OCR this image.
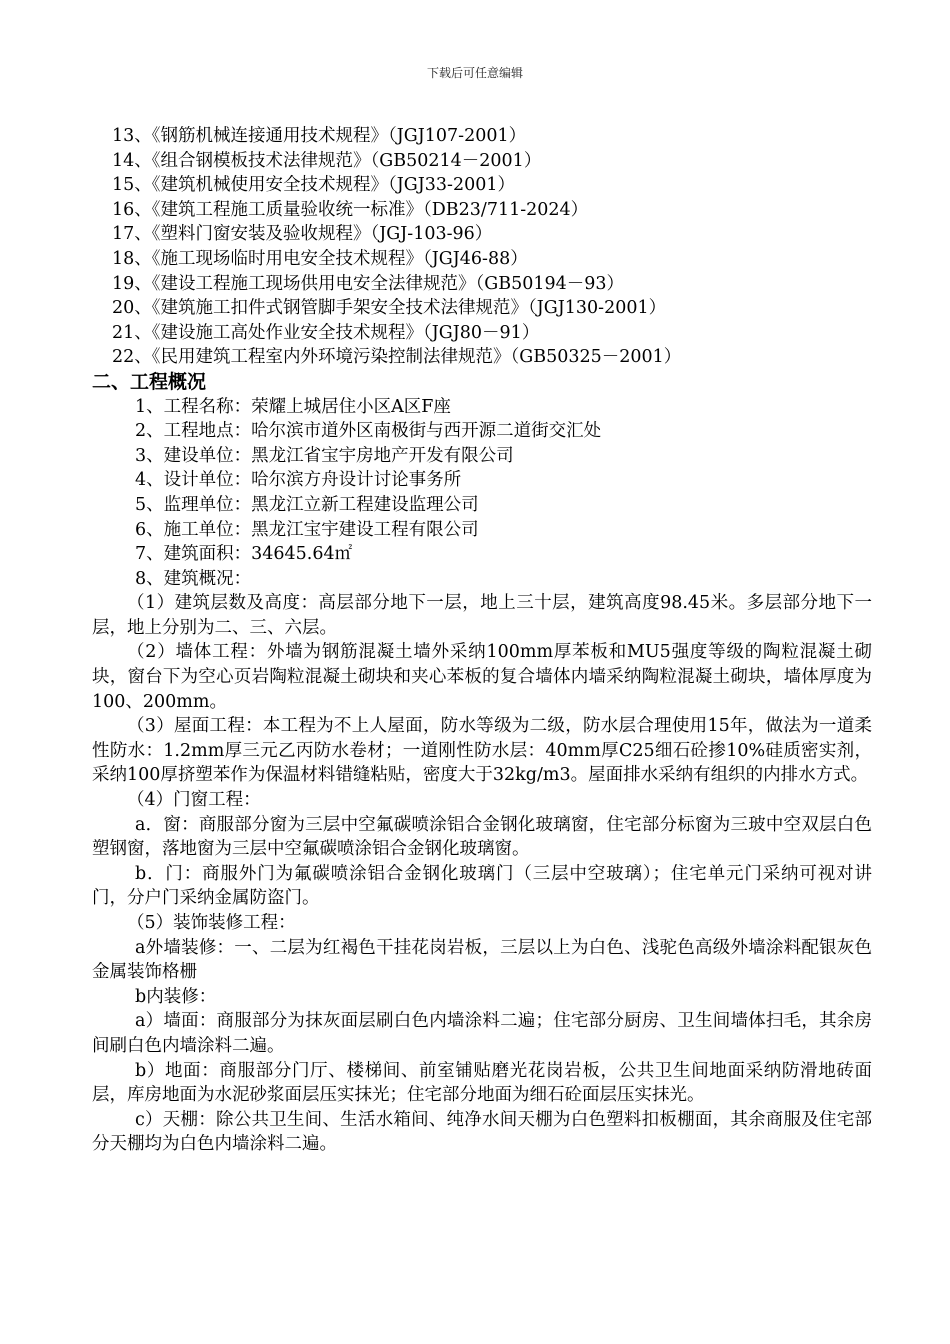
下载后可任意编辑
13、《钢筋机械连接通用技术规程》（JGJ107-2001）
14、《组合钢模板技术法律规范》（GB50214－2001）
15、《建筑机械使用安全技术规程》（JGJ33-2001）
16、《建筑工程施工质量验收统一标准》（DB23/711-2024）
17、《塑料门窗安装及验收规程》（JGJ-103-96）
18、《施工现场临时用电安全技术规程》（JGJ46-88）
19、《建设工程施工现场供用电安全法律规范》（GB50194－93）
20、《建筑施工扣件式钢管脚手架安全技术法律规范》（JGJ130-2001）
21、《建设施工高处作业安全技术规程》（JGJ80－91）
22、《民用建筑工程室内外环境污染控制法律规范》（GB50325－2001）
二、工程概况
1、工程名称：荣耀上城居住小区A区F座
2、工程地点：哈尔滨市道外区南极街与西开源二道街交汇处
3、建设单位：黑龙江省宝宇房地产开发有限公司
4、设计单位：哈尔滨方舟设计讨论事务所
5、监理单位：黑龙江立新工程建设监理公司
6、施工单位：黑龙江宝宇建设工程有限公司
7、建筑面积：34645.64㎡
8、建筑概况：
（1）建筑层数及高度：高层部分地下一层，地上三十层，建筑高度98.45米。多层部分地下一层，地上分别为二、三、六层。
（2）墙体工程：外墙为钢筋混凝土墙外采纳100mm厚苯板和MU5强度等级的陶粒混凝土砌块，窗台下为空心页岩陶粒混凝土砌块和夹心苯板的复合墙体内墙采纳陶粒混凝土砌块，墙体厚度为100、200mm。
（3）屋面工程：本工程为不上人屋面，防水等级为二级，防水层合理使用15年，做法为一道柔性防水：1.2mm厚三元乙丙防水卷材；一道刚性防水层：40mm厚C25细石砼掺10%硅质密实剂，采纳100厚挤塑苯作为保温材料错缝粘贴，密度大于32kg/m3。屋面排水采纳有组织的内排水方式。
（4）门窗工程：
a．窗：商服部分窗为三层中空氟碳喷涂铝合金钢化玻璃窗，住宅部分标窗为三玻中空双层白色塑钢窗，落地窗为三层中空氟碳喷涂铝合金钢化玻璃窗。
b．门：商服外门为氟碳喷涂铝合金钢化玻璃门（三层中空玻璃）；住宅单元门采纳可视对讲门，分户门采纳金属防盗门。
（5）装饰装修工程：
a外墙装修：一、二层为红褐色干挂花岗岩板，三层以上为白色、浅驼色高级外墙涂料配银灰色金属装饰格栅
b内装修：
a）墙面：商服部分为抹灰面层刷白色内墙涂料二遍；住宅部分厨房、卫生间墙体扫毛，其余房间刷白色内墙涂料二遍。
b）地面：商服部分门厅、楼梯间、前室铺贴磨光花岗岩板，公共卫生间地面采纳防滑地砖面层，库房地面为水泥砂浆面层压实抹光；住宅部分地面为细石砼面层压实抹光。
c）天棚：除公共卫生间、生活水箱间、纯净水间天棚为白色塑料扣板棚面，其余商服及住宅部分天棚均为白色内墙涂料二遍。
